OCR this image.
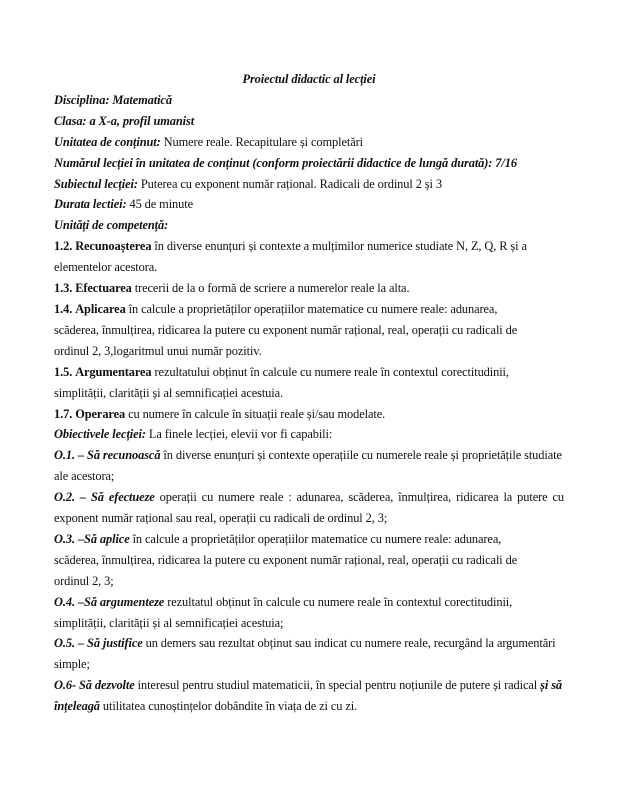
Proiectul didactic al lecției
Disciplina: Matematică
Clasa: a X-a, profil umanist
Unitatea de conținut: Numere reale. Recapitulare și completări
Numărul lecției în unitatea de conținut (conform proiectării didactice de lungă durată): 7/16
Subiectul lecției: Puterea cu exponent număr rațional. Radicali de ordinul 2 și 3
Durata lectiei: 45 de minute
Unități de competență:
1.2. Recunoașterea în diverse enunțuri și contexte a mulțimilor numerice studiate N, Z, Q, R și a
elementelor acestora.
1.3. Efectuarea trecerii de la o formă de scriere a numerelor reale la alta.
1.4. Aplicarea în calcule a proprietăților operațiilor matematice cu numere reale: adunarea,
scăderea, înmulțirea, ridicarea la putere cu exponent număr rațional, real, operații cu radicali de
ordinul 2, 3,logaritmul unui număr pozitiv.
1.5. Argumentarea rezultatului obținut în calcule cu numere reale în contextul corectitudinii,
simplității, clarității și al semnificației acestuia.
1.7. Operarea cu numere în calcule în situații reale și/sau modelate.
Obiectivele lecției: La finele lecției, elevii vor fi capabili:
O.1. – Să recunoască în diverse enunțuri și contexte operațiile cu numerele reale și proprietățile studiate
ale acestora;
O.2. – Să efectueze operații cu numere reale : adunarea, scăderea, înmulțirea, ridicarea la putere cu
exponent număr rațional sau real, operații cu radicali de ordinul 2, 3;
O.3. –Să aplice în calcule a proprietăților operațiilor matematice cu numere reale: adunarea,
scăderea, înmulțirea, ridicarea la putere cu exponent număr rațional, real, operații cu radicali de
ordinul 2, 3;
O.4. –Să argumenteze rezultatul obținut în calcule cu numere reale în contextul corectitudinii,
simplității, clarității și al semnificației acestuia;
O.5. – Să justifice un demers sau rezultat obținut sau indicat cu numere reale, recurgând la argumentări
simple;
O.6- Să dezvolte interesul pentru studiul matematicii, în special pentru noțiunile de putere și radical și să
înțeleagă utilitatea cunoștințelor dobândite în viața de zi cu zi.
